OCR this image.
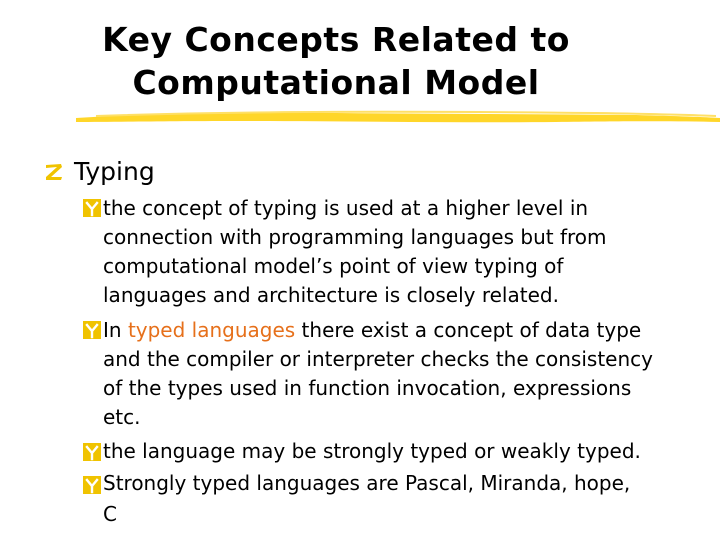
Key Concepts Related to
Computational Model
Typing
the concept of typing is used at a higher level in
connection with programming languages but from
computational model’s point of view typing of
languages and architecture is closely related.
In typed languages there exist a concept of data type
and the compiler or interpreter checks the consistency
of the types used in function invocation, expressions
etc.
the language may be strongly typed or weakly typed.
Strongly typed languages are Pascal, Miranda, hope,
C
